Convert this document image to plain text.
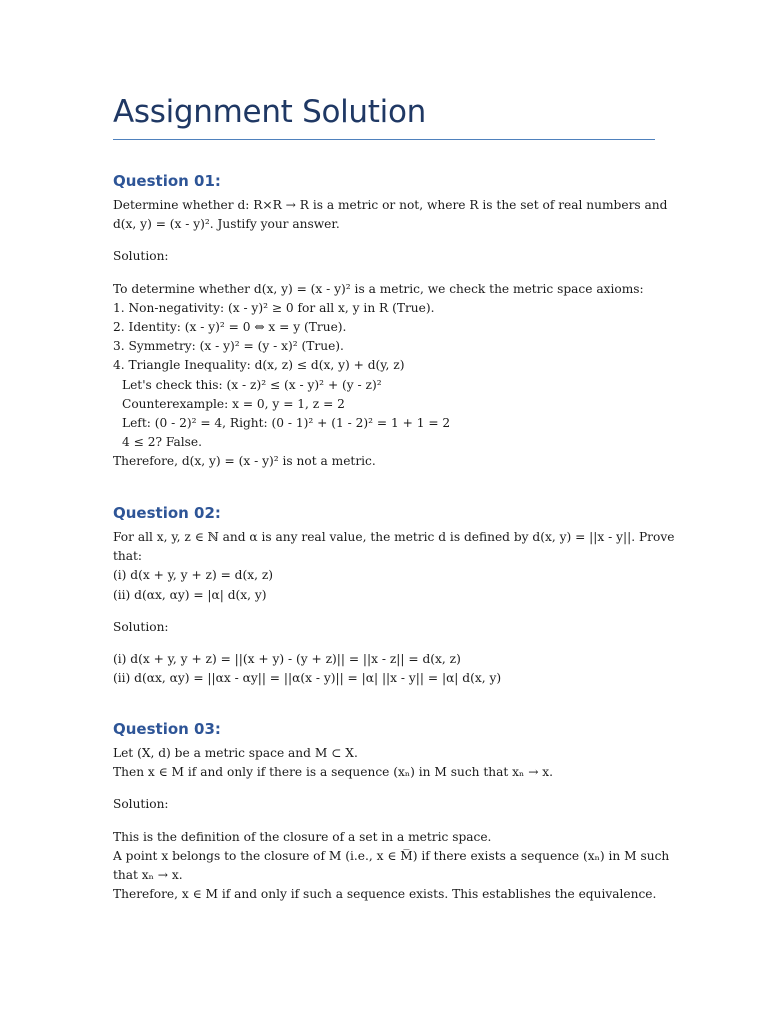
Assignment Solution
Question 01:
Determine whether d: R×R → R is a metric or not, where R is the set of real numbers and
d(x, y) = (x - y)². Justify your answer.
Solution:
To determine whether d(x, y) = (x - y)² is a metric, we check the metric space axioms:
1. Non-negativity: (x - y)² ≥ 0 for all x, y in R (True).
2. Identity: (x - y)² = 0 ⇔ x = y (True).
3. Symmetry: (x - y)² = (y - x)² (True).
4. Triangle Inequality: d(x, z) ≤ d(x, y) + d(y, z)
Let's check this: (x - z)² ≤ (x - y)² + (y - z)²
Counterexample: x = 0, y = 1, z = 2
Left: (0 - 2)² = 4, Right: (0 - 1)² + (1 - 2)² = 1 + 1 = 2
4 ≤ 2? False.
Therefore, d(x, y) = (x - y)² is not a metric.
Question 02:
For all x, y, z ∈ ℕ and α is any real value, the metric d is defined by d(x, y) = ||x - y||. Prove
that:
(i) d(x + y, y + z) = d(x, z)
(ii) d(αx, αy) = |α| d(x, y)
Solution:
(i) d(x + y, y + z) = ||(x + y) - (y + z)|| = ||x - z|| = d(x, z)
(ii) d(αx, αy) = ||αx - αy|| = ||α(x - y)|| = |α| ||x - y|| = |α| d(x, y)
Question 03:
Let (X, d) be a metric space and M ⊂ X.
Then x ∈ M if and only if there is a sequence (xₙ) in M such that xₙ → x.
Solution:
This is the definition of the closure of a set in a metric space.
A point x belongs to the closure of M (i.e., x ∈ M̅) if there exists a sequence (xₙ) in M such
that xₙ → x.
Therefore, x ∈ M if and only if such a sequence exists. This establishes the equivalence.
